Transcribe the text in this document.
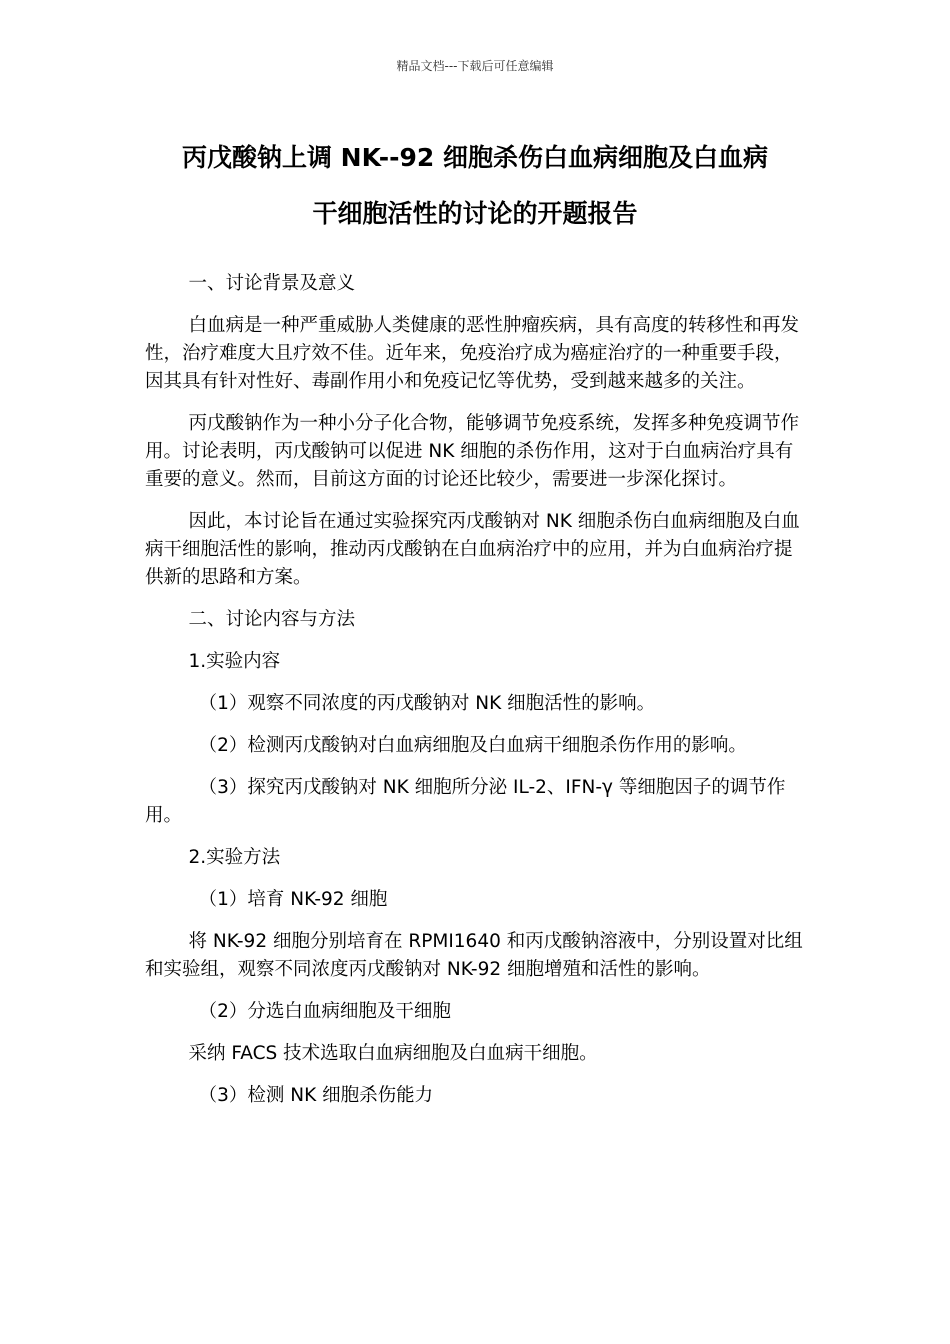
精品文档---下载后可任意编辑
丙戊酸钠上调 NK--92 细胞杀伤白血病细胞及白血病
干细胞活性的讨论的开题报告

一、讨论背景及意义

白血病是一种严重威胁人类健康的恶性肿瘤疾病，具有高度的转移性和再发性，治疗难度大且疗效不佳。近年来，免疫治疗成为癌症治疗的一种重要手段，因其具有针对性好、毒副作用小和免疫记忆等优势，受到越来越多的关注。

丙戊酸钠作为一种小分子化合物，能够调节免疫系统，发挥多种免疫调节作用。讨论表明，丙戊酸钠可以促进 NK 细胞的杀伤作用，这对于白血病治疗具有重要的意义。然而，目前这方面的讨论还比较少，需要进一步深化探讨。

因此，本讨论旨在通过实验探究丙戊酸钠对 NK 细胞杀伤白血病细胞及白血病干细胞活性的影响，推动丙戊酸钠在白血病治疗中的应用，并为白血病治疗提供新的思路和方案。

二、讨论内容与方法

1.实验内容

（1）观察不同浓度的丙戊酸钠对 NK 细胞活性的影响。

（2）检测丙戊酸钠对白血病细胞及白血病干细胞杀伤作用的影响。

（3）探究丙戊酸钠对 NK 细胞所分泌 IL-2、IFN-γ 等细胞因子的调节作用。

2.实验方法

（1）培育 NK-92 细胞

将 NK-92 细胞分别培育在 RPMI1640 和丙戊酸钠溶液中，分别设置对比组和实验组，观察不同浓度丙戊酸钠对 NK-92 细胞增殖和活性的影响。

（2）分选白血病细胞及干细胞

采纳 FACS 技术选取白血病细胞及白血病干细胞。

（3）检测 NK 细胞杀伤能力
